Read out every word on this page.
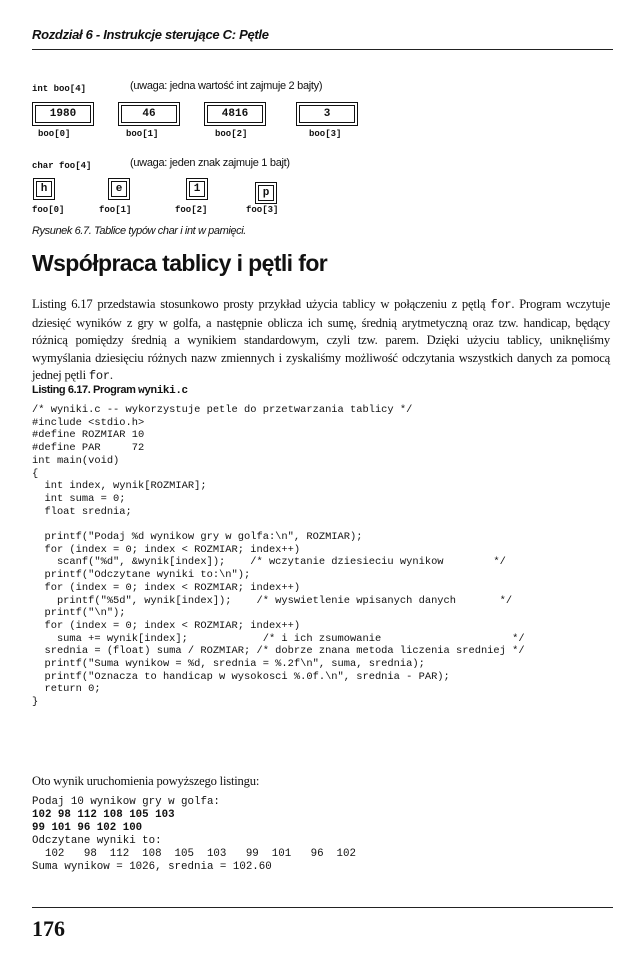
Rozdział 6 - Instrukcje sterujące C: Pętle
int boo[4]	(uwaga: jedna wartość int zajmuje 2 bajty)
1980	46	4816	3
boo[0]	boo[1]	boo[2]	boo[3]
char foo[4]	(uwaga: jeden znak zajmuje 1 bajt)
h	e	1	p
foo[0]	foo[1]	foo[2]	foo[3]
Rysunek 6.7. Tablice typów char i int w pamięci.
Współpraca tablicy i pętli for

Listing 6.17 przedstawia stosunkowo prosty przykład użycia tablicy w połączeniu z pętlą for. Program wczytuje dziesięć wyników z gry w golfa, a następnie oblicza ich sumę, średnią arytmetyczną oraz tzw. handicap, będący różnicą pomiędzy średnią a wynikiem standardowym, czyli tzw. parem. Dzięki użyciu tablicy, uniknęliśmy wymyślania dziesięciu różnych nazw zmiennych i zyskaliśmy możliwość odczytania wszystkich danych za pomocą jednej pętli for.

Listing 6.17. Program wyniki.c
/* wyniki.c -- wykorzystuje petle do przetwarzania tablicy */
#include <stdio.h>
#define ROZMIAR 10
#define PAR     72
int main(void)
{
int index, wynik[ROZMIAR];
int suma = 0;
float srednia;

printf("Podaj %d wynikow gry w golfa:\n", ROZMIAR);
for (index = 0; index < ROZMIAR; index++)
scanf("%d", &wynik[index]);    /* wczytanie dziesieciu wynikow        */
printf("Odczytane wyniki to:\n");
for (index = 0; index < ROZMIAR; index++)
printf("%5d", wynik[index]);    /* wyswietlenie wpisanych danych       */
printf("\n");
for (index = 0; index < ROZMIAR; index++)
suma += wynik[index];            /* i ich zsumowanie                     */
srednia = (float) suma / ROZMIAR; /* dobrze znana metoda liczenia sredniej */
printf("Suma wynikow = %d, srednia = %.2f\n", suma, srednia);
printf("Oznacza to handicap w wysokosci %.0f.\n", srednia - PAR);
return 0;
}
Oto wynik uruchomienia powyższego listingu:
Podaj 10 wynikow gry w golfa:
102 98 112 108 105 103
99 101 96 102 100
Odczytane wyniki to:
102   98  112  108  105  103   99  101   96  102
Suma wynikow = 1026, srednia = 102.60
176
